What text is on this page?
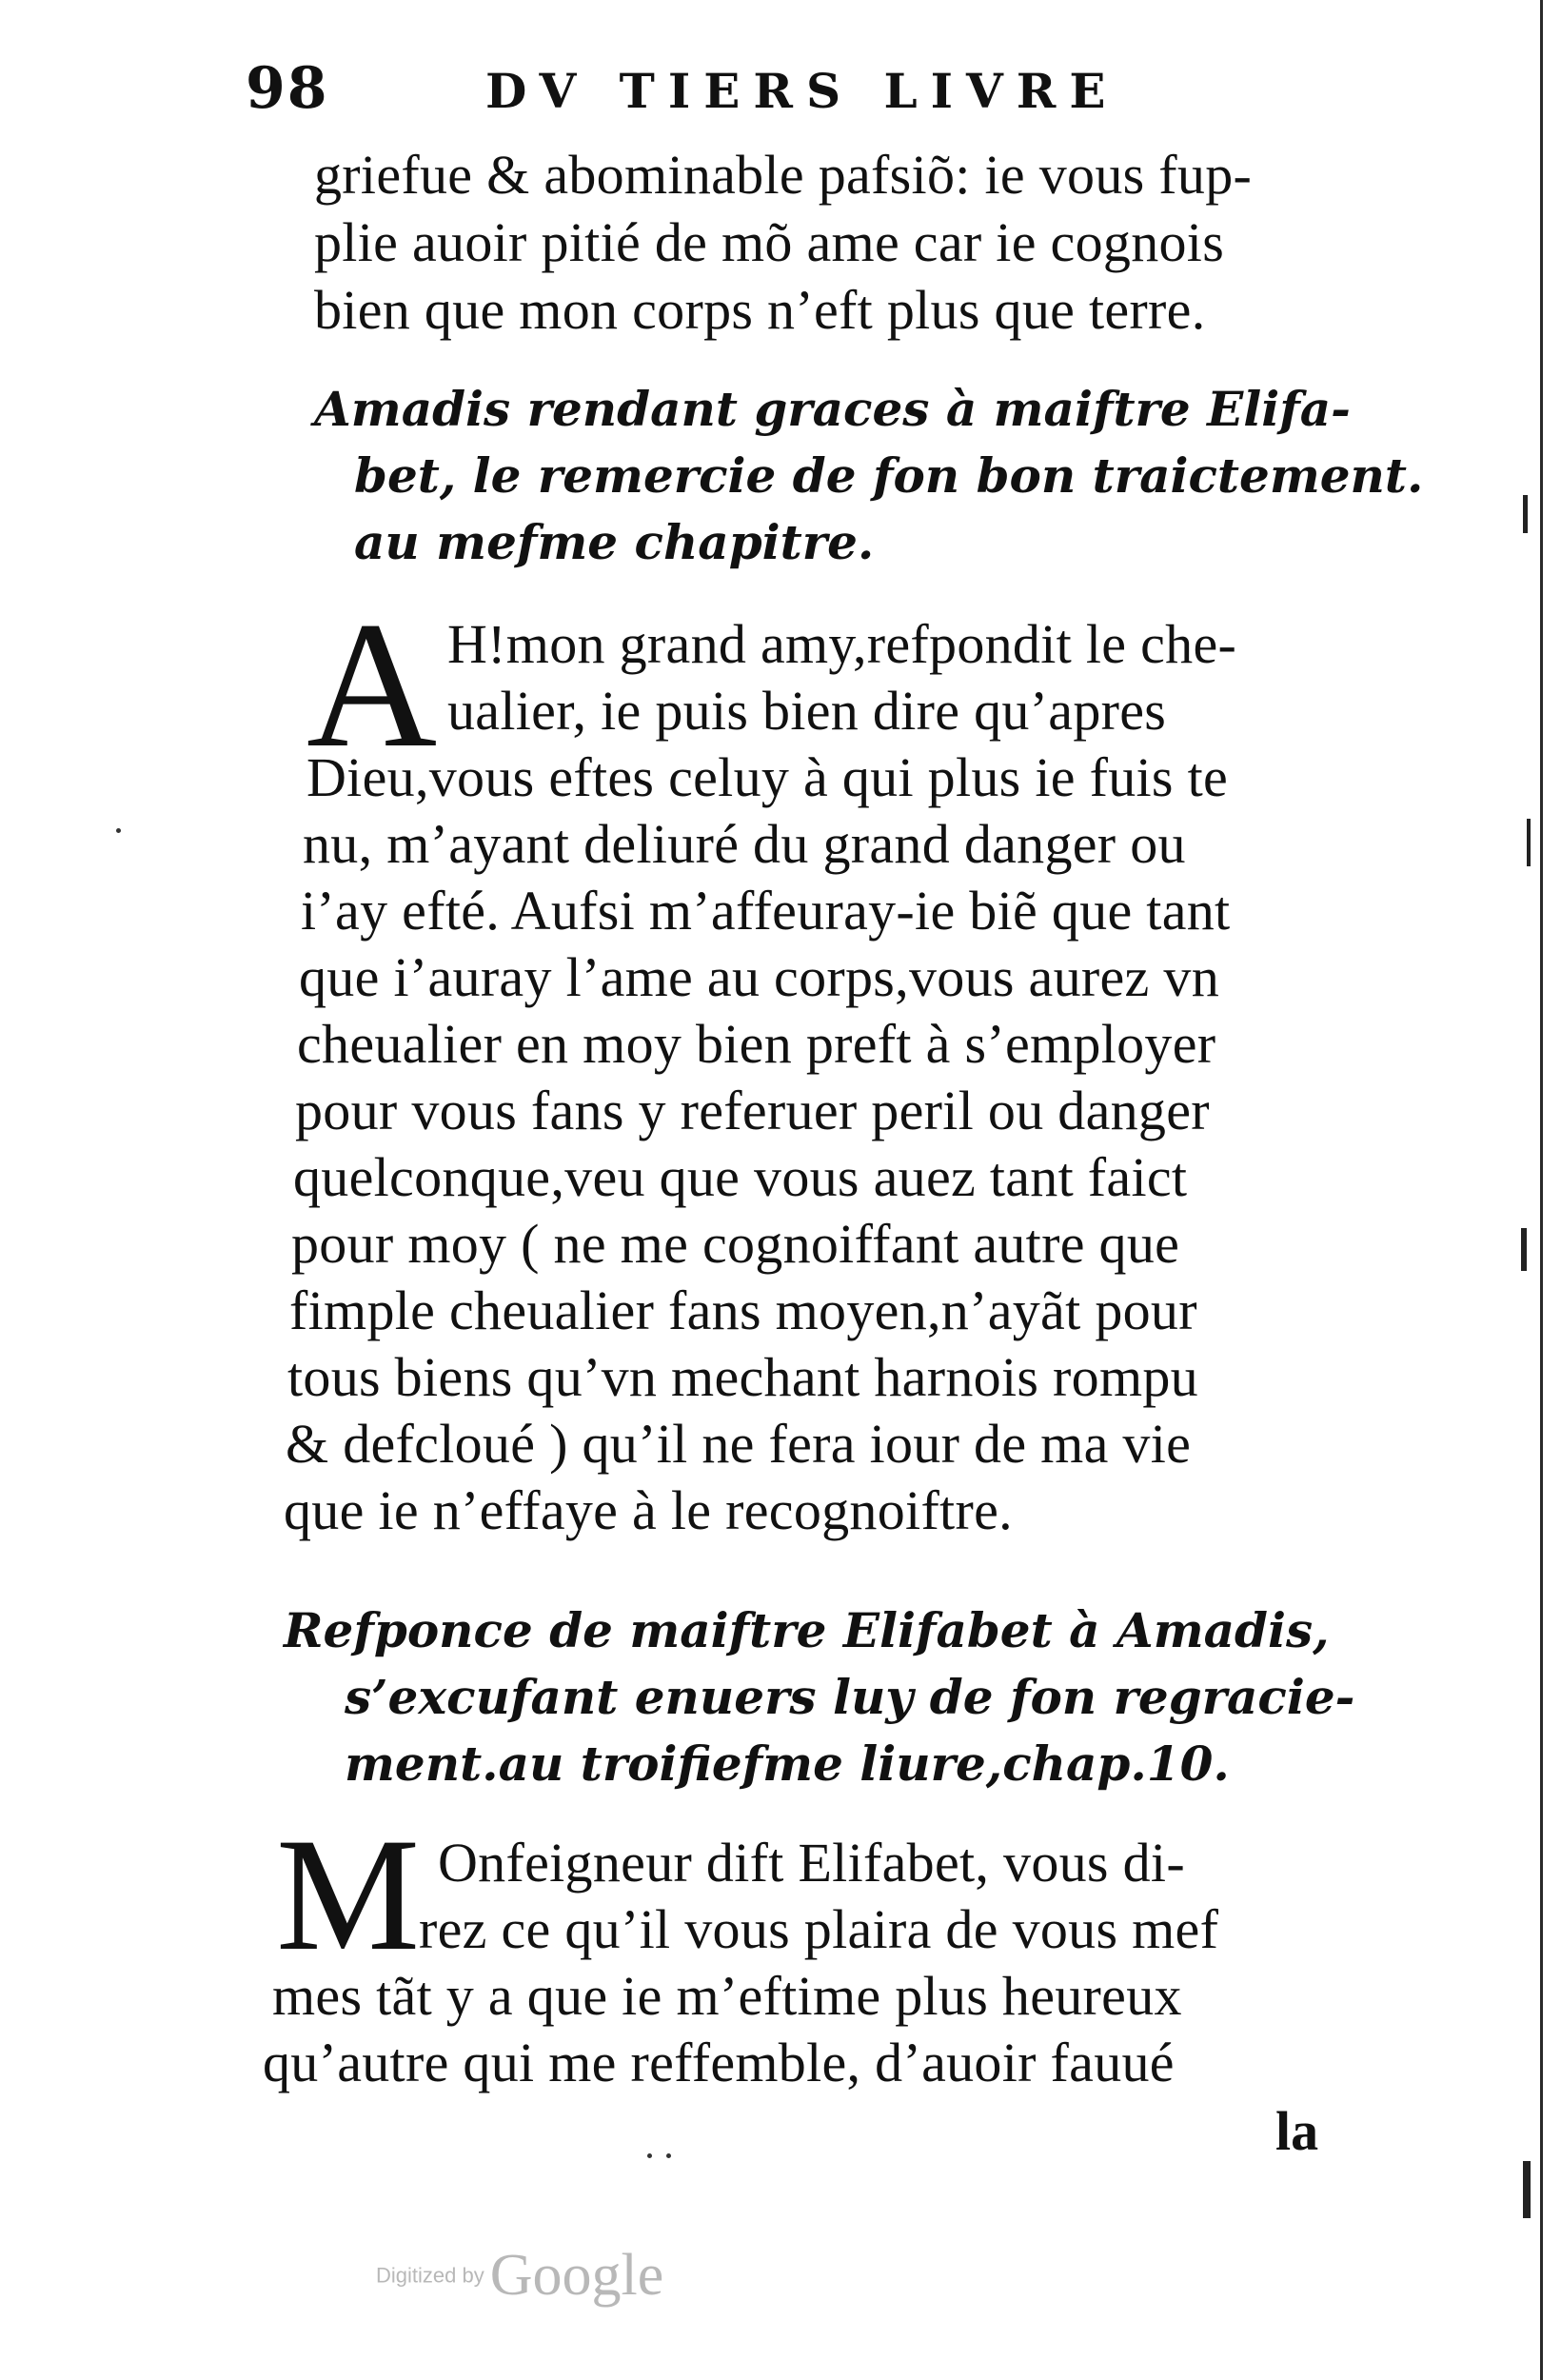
98	DV TIERS LIVRE
griefue & abominable pafsiõ: ie vous fup-
plie auoir pitié de mõ ame car ie cognois
bien que mon corps n’eft plus que terre.
Amadis rendant graces à maiftre Elifa-
bet, le remercie de fon bon traictement.
au mefme chapitre.
A H!mon grand amy,refpondit le che-
ualier, ie puis bien dire qu’apres
Dieu,vous eftes celuy à qui plus ie fuis te
nu, m’ayant deliuré du grand danger ou
i’ay efté. Aufsi m’affeuray-ie biẽ que tant
que i’auray l’ame au corps,vous aurez vn
cheualier en moy bien preft à s’employer
pour vous fans y referuer peril ou danger
quelconque,veu que vous auez tant faict
pour moy ( ne me cognoiffant autre que
fimple cheualier fans moyen,n’ayãt pour
tous biens qu’vn mechant harnois rompu
& defcloué ) qu’il ne fera iour de ma vie
que ie n’effaye à le recognoiftre.
Refponce de maiftre Elifabet à Amadis,
s’excufant enuers luy de fon regracie-
ment.au troifiefme liure,chap.10.
M Onfeigneur dift Elifabet, vous di-
rez ce qu’il vous plaira de vous mef
mes tãt y a que ie m’eftime plus heureux
qu’autre qui me reffemble, d’auoir fauué
la
Digitized byGoogle
